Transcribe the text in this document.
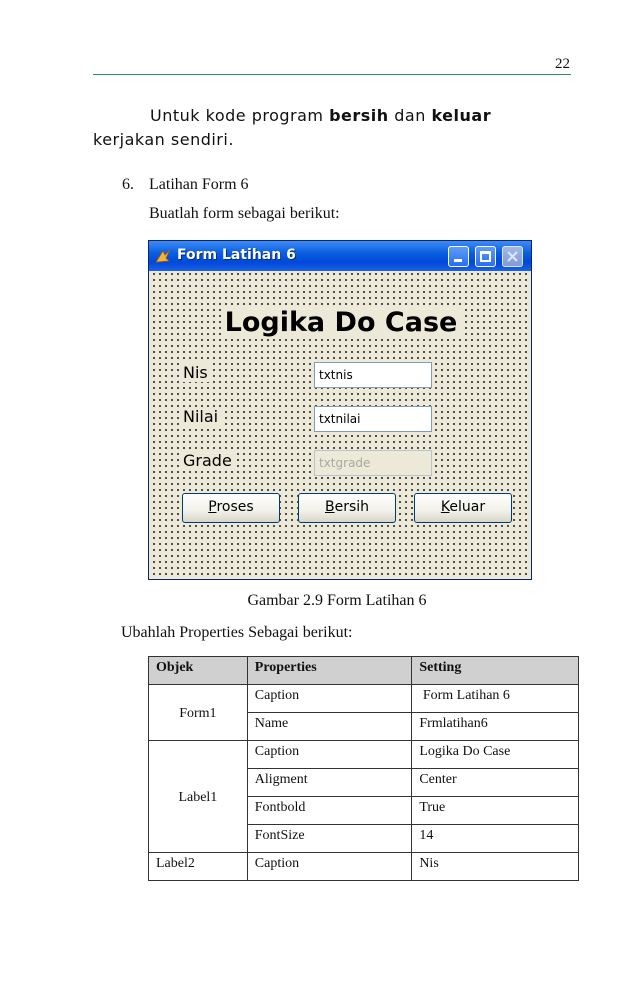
22
Untuk kode program bersih dan keluar
kerjakan sendiri.
6. Latihan Form 6
Buatlah form sebagai berikut:
Form Latihan 6
Logika Do Case
Nis
Nilai
Grade
txtnis
txtnilai
txtgrade
Proses	Bersih	Keluar
Gambar 2.9 Form Latihan 6
Ubahlah Properties Sebagai berikut:
Objek	Properties	Setting
Form1	Caption	Form Latihan 6
	Name	Frmlatihan6
Label1	Caption	Logika Do Case
	Aligment	Center
	Fontbold	True
	FontSize	14
Label2	Caption	Nis
